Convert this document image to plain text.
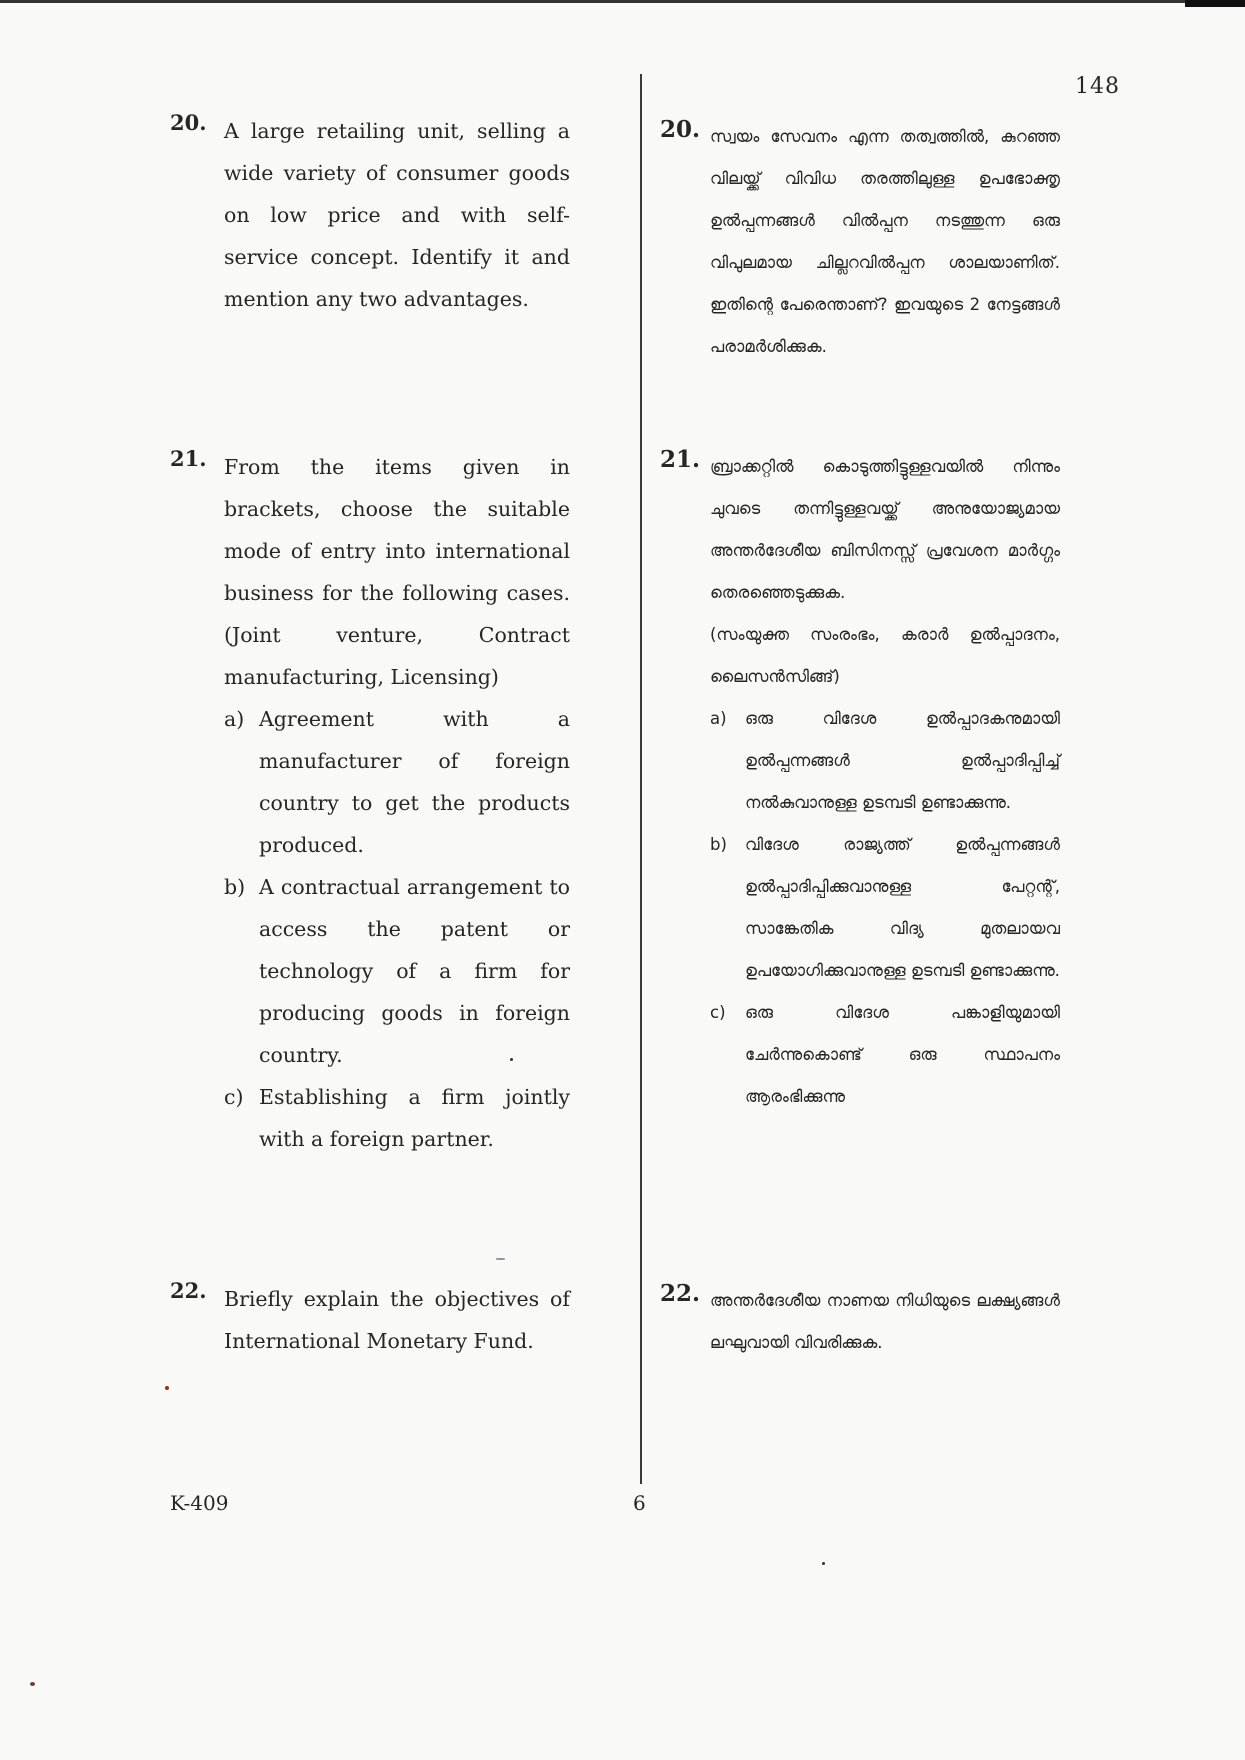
148
20. A large retailing unit, selling a wide variety of consumer goods on low price and with self-service concept. Identify it and mention any two advantages.
21. From the items given in brackets, choose the suitable mode of entry into international business for the following cases. (Joint venture, Contract manufacturing, Licensing)
a) Agreement with a manufacturer of foreign country to get the products produced.
b) A contractual arrangement to access the patent or technology of a firm for producing goods in foreign country.
c) Establishing a firm jointly with a foreign partner.
22. Briefly explain the objectives of International Monetary Fund.
20. സ്വയം സേവനം എന്ന തത്വത്തിൽ, കുറഞ്ഞ വിലയ്ക്ക് വിവിധ തരത്തിലുള്ള ഉപഭോക്തൃ ഉൽപ്പന്നങ്ങൾ വിൽപ്പന നടത്തുന്ന ഒരു വിപുലമായ ചില്ലറവിൽപ്പന ശാലയാണിത്. ഇതിന്റെ പേരെന്താണ്? ഇവയുടെ 2 നേട്ടങ്ങൾ പരാമർശിക്കുക.
21. ബ്രാക്കറ്റിൽ കൊടുത്തിട്ടുള്ളവയിൽ നിന്നും ചുവടെ തന്നിട്ടുള്ളവയ്ക്ക് അനുയോജ്യമായ അന്തർദേശീയ ബിസിനസ്സ് പ്രവേശന മാർഗ്ഗം തെരഞ്ഞെടുക്കുക.
(സംയുക്ത സംരംഭം, കരാർ ഉൽപ്പാദനം, ലൈസൻസിങ്ങ്)
a) ഒരു വിദേശ ഉൽപ്പാദകനുമായി ഉൽപ്പന്നങ്ങൾ ഉൽപ്പാദിപ്പിച്ച് നൽകുവാനുള്ള ഉടമ്പടി ഉണ്ടാക്കുന്നു.
b) വിദേശ രാജ്യത്ത് ഉൽപ്പന്നങ്ങൾ ഉൽപ്പാദിപ്പിക്കുവാനുള്ള പേറ്റന്റ്, സാങ്കേതിക വിദ്യ മുതലായവ ഉപയോഗിക്കുവാനുള്ള ഉടമ്പടി ഉണ്ടാക്കുന്നു.
c) ഒരു വിദേശ പങ്കാളിയുമായി ചേർന്നുകൊണ്ട് ഒരു സ്ഥാപനം ആരംഭിക്കുന്നു
22. അന്തർദേശീയ നാണയ നിധിയുടെ ലക്ഷ്യങ്ങൾ ലഘുവായി വിവരിക്കുക.
K-409	6
